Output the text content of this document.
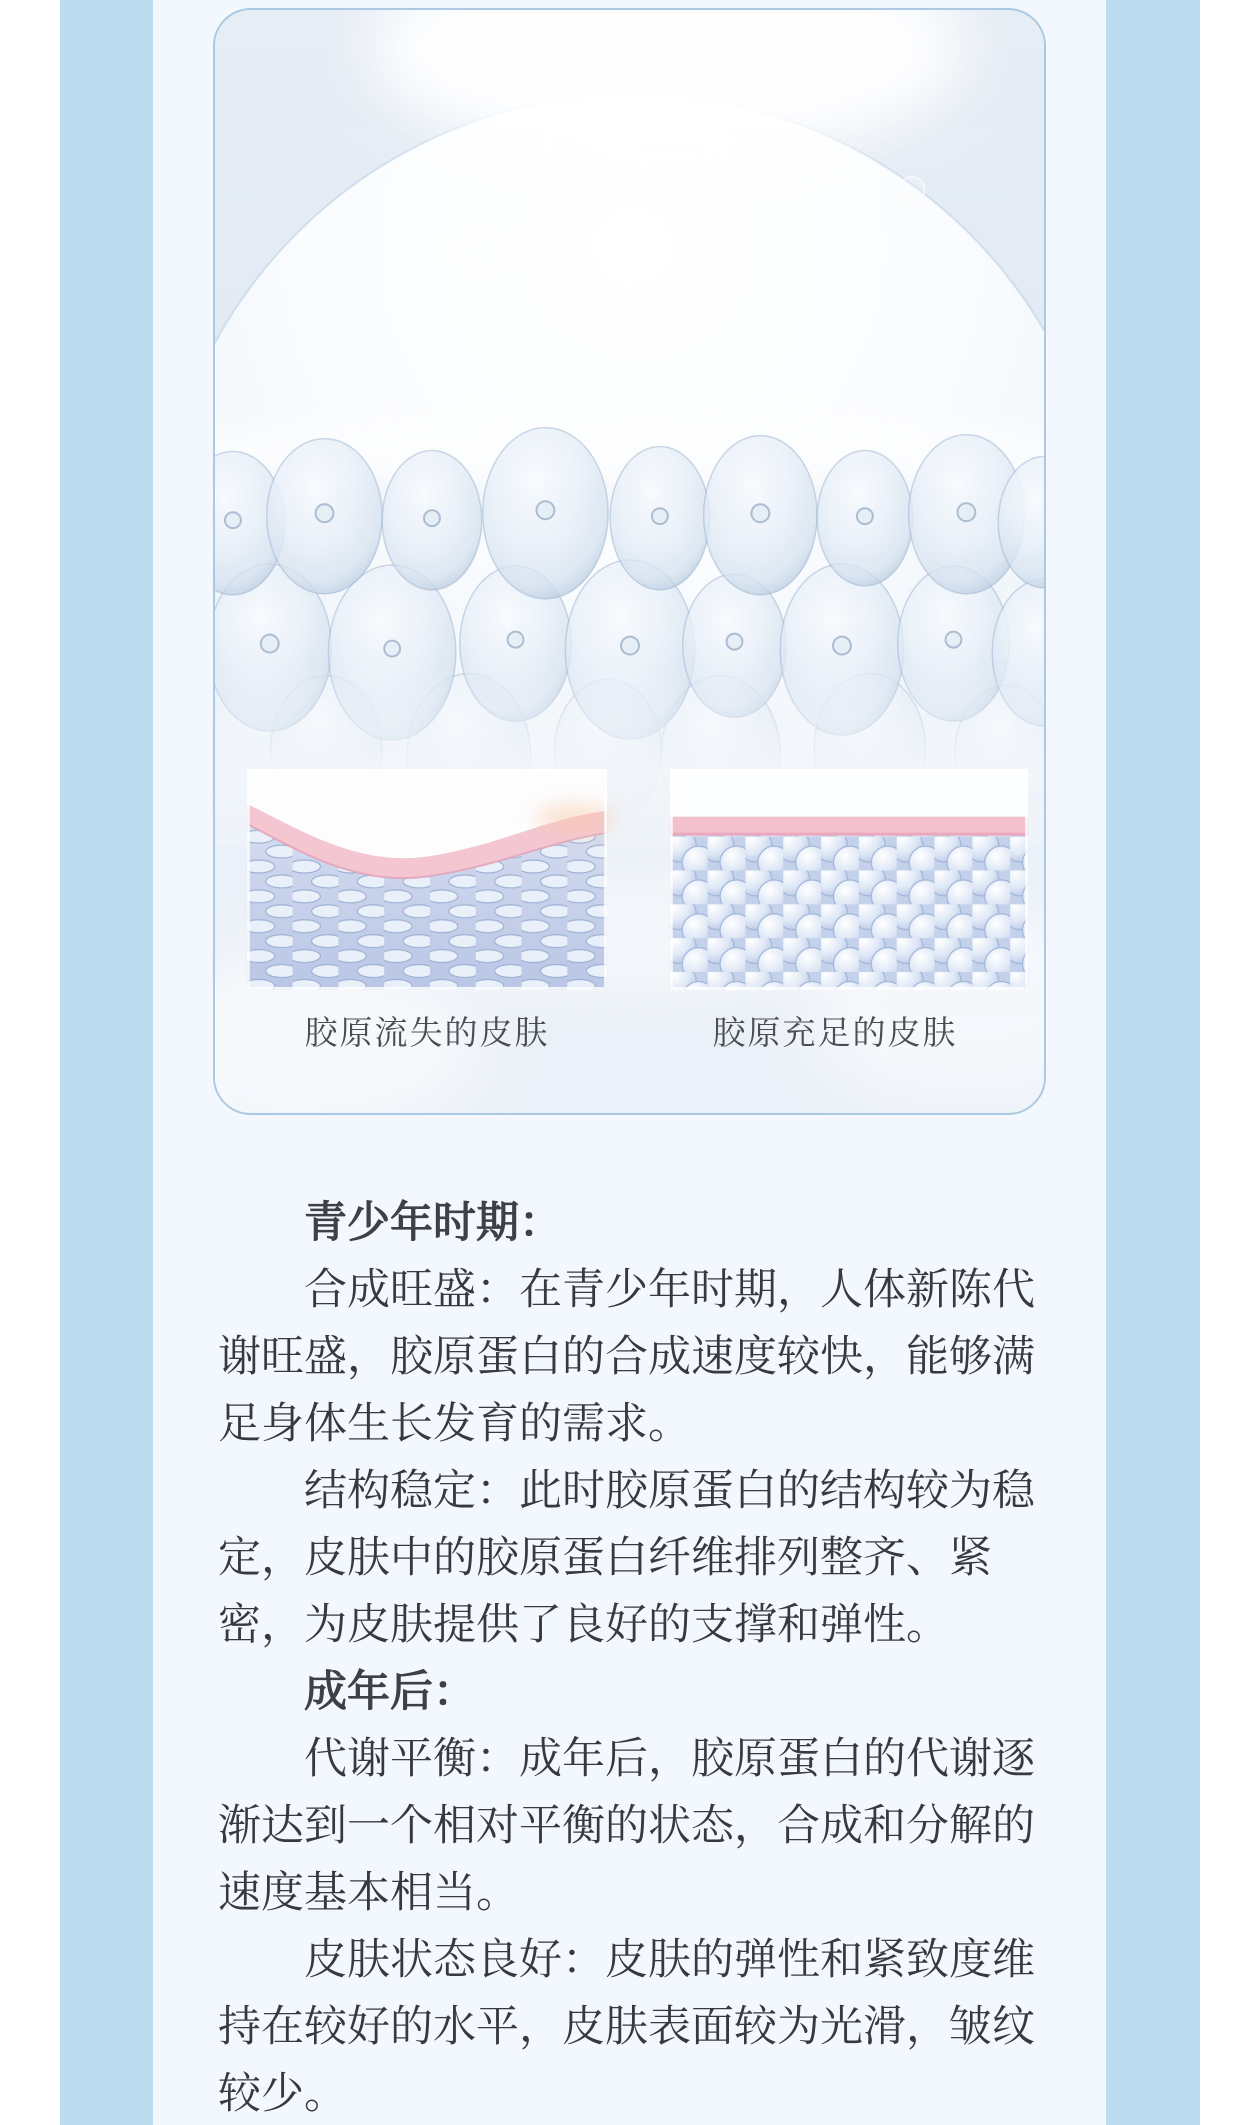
胶原流失的皮肤	胶原充足的皮肤
青少年时期：
合成旺盛：在青少年时期，人体新陈代
谢旺盛，胶原蛋白的合成速度较快，能够满
足身体生长发育的需求。
结构稳定：此时胶原蛋白的结构较为稳
定，皮肤中的胶原蛋白纤维排列整齐、紧
密，为皮肤提供了良好的支撑和弹性。
成年后：
代谢平衡：成年后，胶原蛋白的代谢逐
渐达到一个相对平衡的状态，合成和分解的
速度基本相当。
皮肤状态良好：皮肤的弹性和紧致度维
持在较好的水平，皮肤表面较为光滑，皱纹
较少。
